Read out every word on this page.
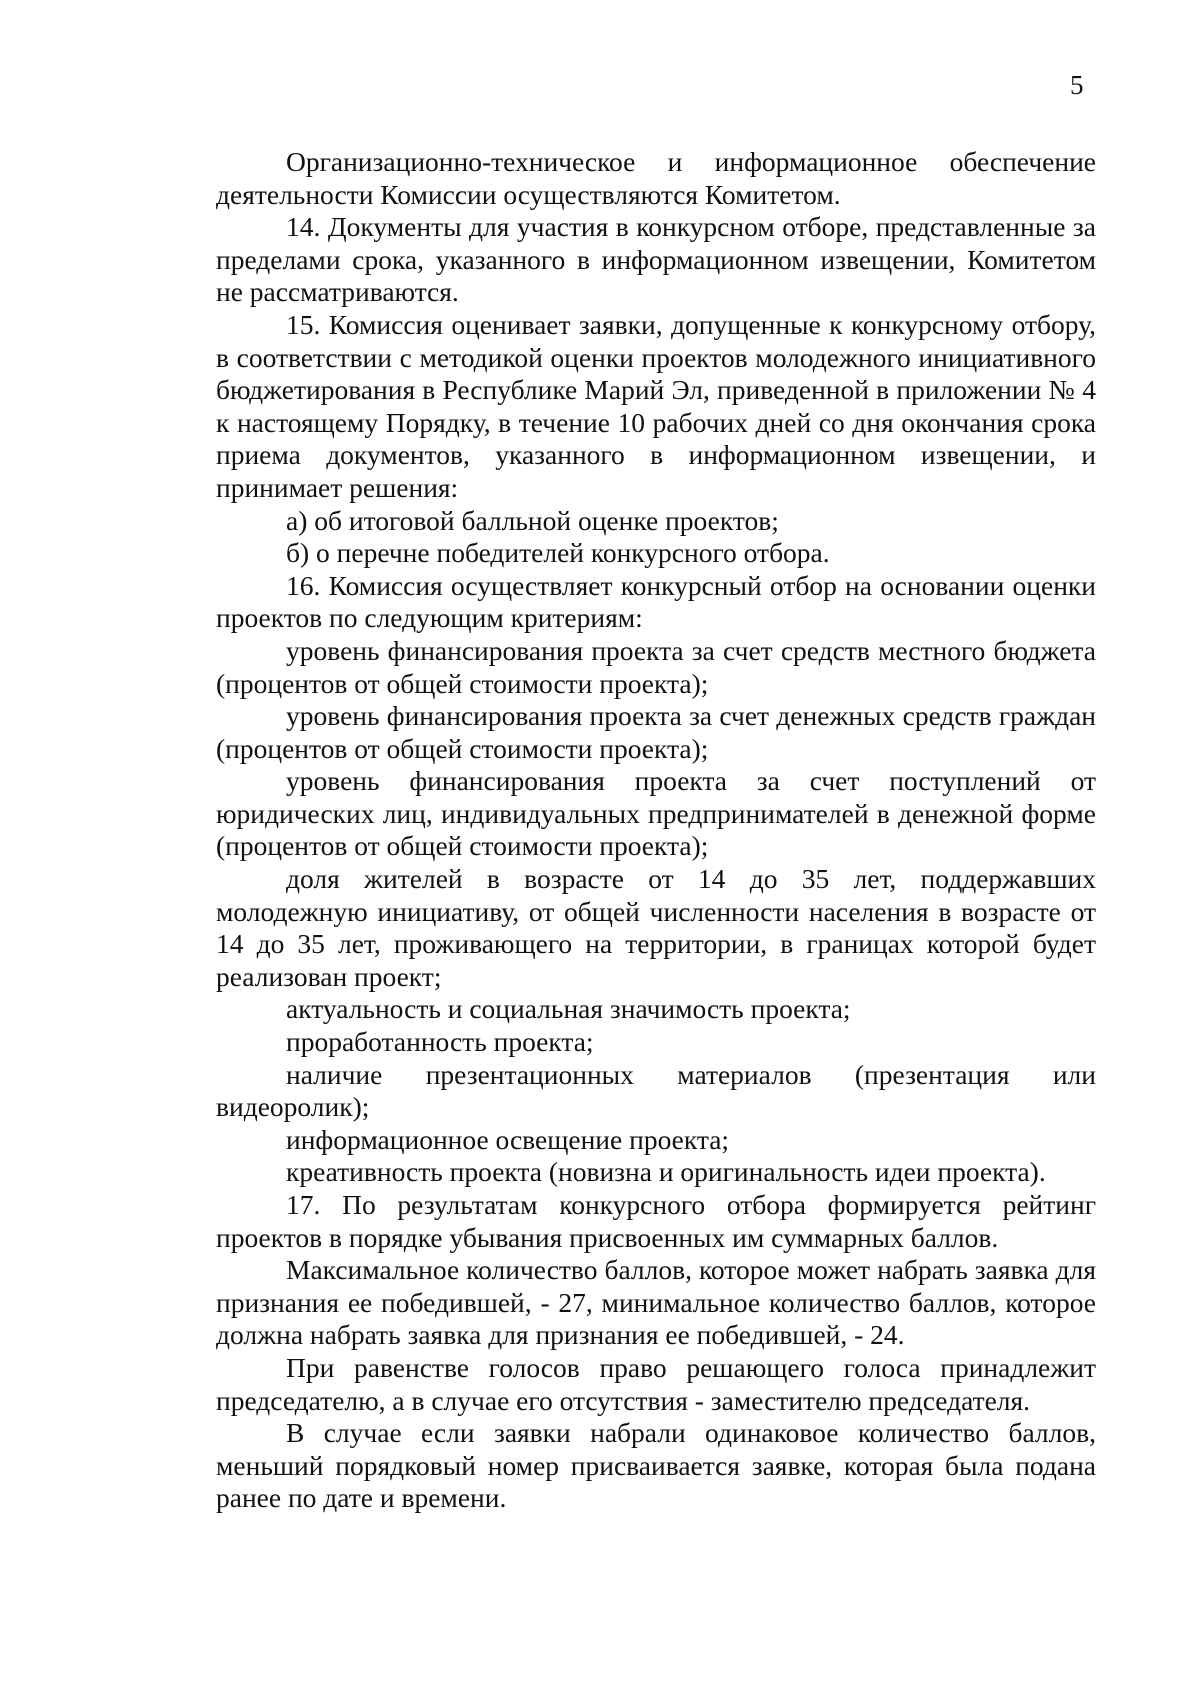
5

Организационно-техническое и информационное обеспечение деятельности Комиссии осуществляются Комитетом.

14. Документы для участия в конкурсном отборе, представленные за пределами срока, указанного в информационном извещении, Комитетом не рассматриваются.

15. Комиссия оценивает заявки, допущенные к конкурсному отбору, в соответствии с методикой оценки проектов молодежного инициативного бюджетирования в Республике Марий Эл, приведенной в приложении № 4 к настоящему Порядку, в течение 10 рабочих дней со дня окончания срока приема документов, указанного в информационном извещении, и принимает решения:

а) об итоговой балльной оценке проектов;

б) о перечне победителей конкурсного отбора.

16. Комиссия осуществляет конкурсный отбор на основании оценки проектов по следующим критериям:

уровень финансирования проекта за счет средств местного бюджета (процентов от общей стоимости проекта);

уровень финансирования проекта за счет денежных средств граждан (процентов от общей стоимости проекта);

уровень финансирования проекта за счет поступлений от юридических лиц, индивидуальных предпринимателей в денежной форме (процентов от общей стоимости проекта);

доля жителей в возрасте от 14 до 35 лет, поддержавших молодежную инициативу, от общей численности населения в возрасте от 14 до 35 лет, проживающего на территории, в границах которой будет реализован проект;

актуальность и социальная значимость проекта;

проработанность проекта;

наличие презентационных материалов (презентация или видеоролик);

информационное освещение проекта;

креативность проекта (новизна и оригинальность идеи проекта).

17. По результатам конкурсного отбора формируется рейтинг проектов в порядке убывания присвоенных им суммарных баллов.

Максимальное количество баллов, которое может набрать заявка для признания ее победившей, - 27, минимальное количество баллов, которое должна набрать заявка для признания ее победившей, - 24.

При равенстве голосов право решающего голоса принадлежит председателю, а в случае его отсутствия - заместителю председателя.

В случае если заявки набрали одинаковое количество баллов, меньший порядковый номер присваивается заявке, которая была подана ранее по дате и времени.
